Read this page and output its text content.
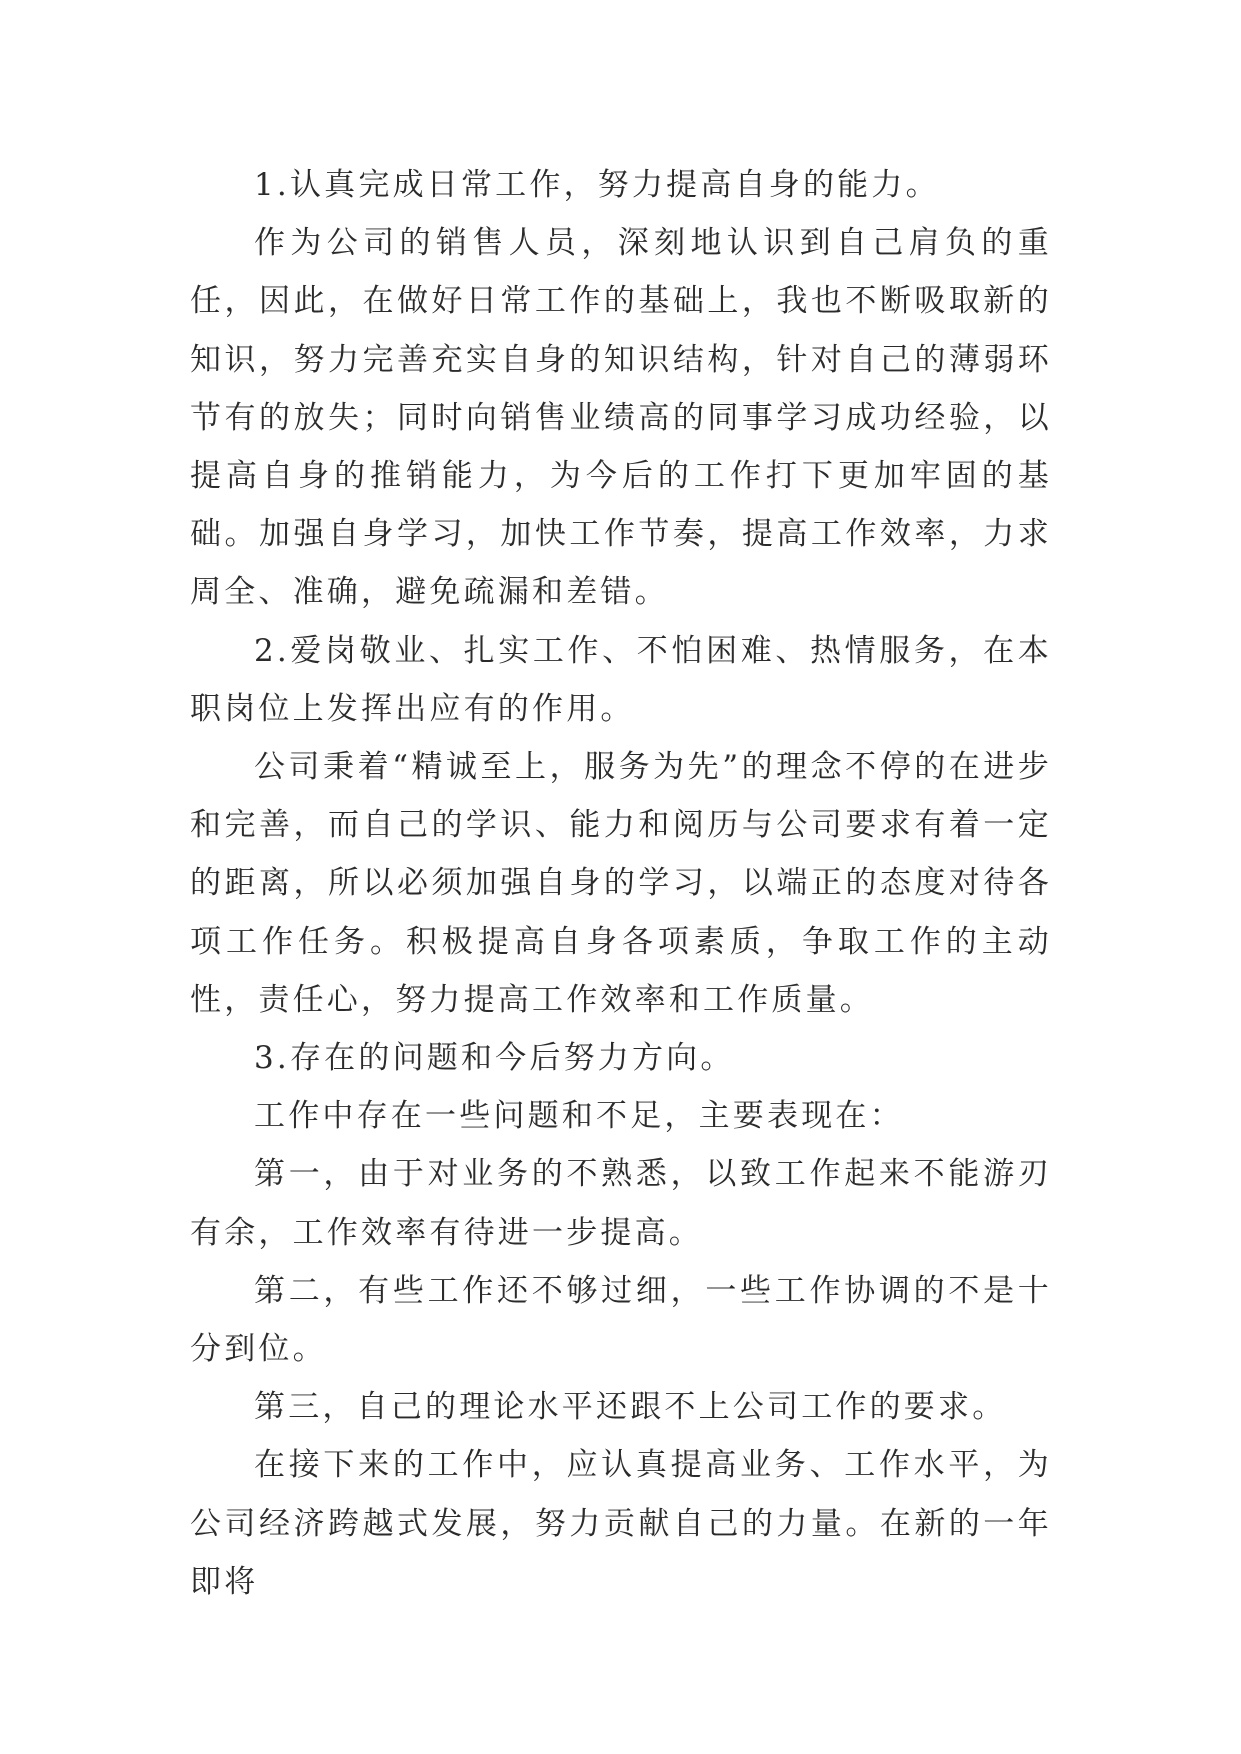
1.认真完成日常工作，努力提高自身的能力。

作为公司的销售人员，深刻地认识到自己肩负的重任，因此，在做好日常工作的基础上，我也不断吸取新的知识，努力完善充实自身的知识结构，针对自己的薄弱环节有的放失；同时向销售业绩高的同事学习成功经验，以提高自身的推销能力，为今后的工作打下更加牢固的基础。加强自身学习，加快工作节奏，提高工作效率，力求周全、准确，避免疏漏和差错。

2.爱岗敬业、扎实工作、不怕困难、热情服务，在本职岗位上发挥出应有的作用。

公司秉着“精诚至上，服务为先”的理念不停的在进步和完善，而自己的学识、能力和阅历与公司要求有着一定的距离，所以必须加强自身的学习，以端正的态度对待各项工作任务。积极提高自身各项素质，争取工作的主动性，责任心，努力提高工作效率和工作质量。

3.存在的问题和今后努力方向。

工作中存在一些问题和不足，主要表现在：

第一，由于对业务的不熟悉，以致工作起来不能游刃有余，工作效率有待进一步提高。

第二，有些工作还不够过细，一些工作协调的不是十分到位。

第三，自己的理论水平还跟不上公司工作的要求。

在接下来的工作中，应认真提高业务、工作水平，为公司经济跨越式发展，努力贡献自己的力量。在新的一年即将
